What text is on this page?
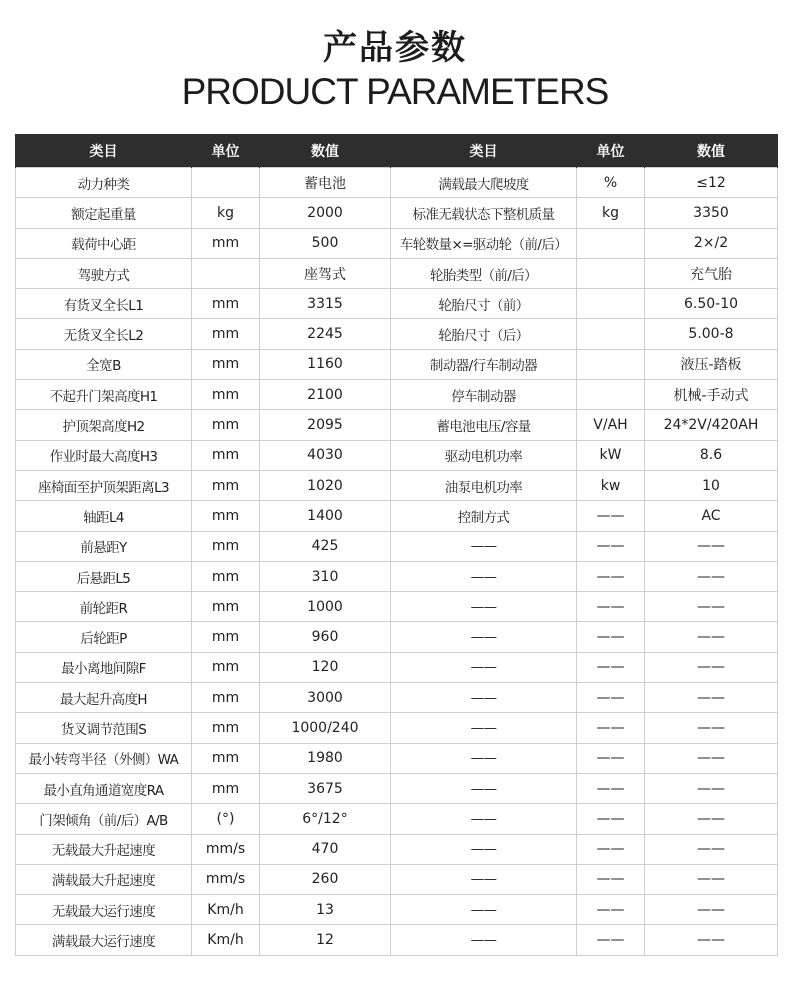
产品参数
PRODUCT PARAMETERS
类目	单位	数值	类目	单位	数值
动力种类		蓄电池	满载最大爬坡度	%	≤12
额定起重量	kg	2000	标准无载状态下整机质量	kg	3350
载荷中心距	mm	500	车轮数量×=驱动轮（前/后）		2×/2
驾驶方式		座驾式	轮胎类型（前/后）		充气胎
有货叉全长L1	mm	3315	轮胎尺寸（前）		6.50-10
无货叉全长L2	mm	2245	轮胎尺寸（后）		5.00-8
全宽B	mm	1160	制动器/行车制动器		液压-踏板
不起升门架高度H1	mm	2100	停车制动器		机械-手动式
护顶架高度H2	mm	2095	蓄电池电压/容量	V/AH	24*2V/420AH
作业时最大高度H3	mm	4030	驱动电机功率	kW	8.6
座椅面至护顶架距离L3	mm	1020	油泵电机功率	kw	10
轴距L4	mm	1400	控制方式	——	AC
前悬距Y	mm	425	——	——	——
后悬距L5	mm	310	——	——	——
前轮距R	mm	1000	——	——	——
后轮距P	mm	960	——	——	——
最小离地间隙F	mm	120	——	——	——
最大起升高度H	mm	3000	——	——	——
货叉调节范围S	mm	1000/240	——	——	——
最小转弯半径（外侧）WA	mm	1980	——	——	——
最小直角通道宽度RA	mm	3675	——	——	——
门架倾角（前/后）A/B	(°)	6°/12°	——	——	——
无载最大升起速度	mm/s	470	——	——	——
满载最大升起速度	mm/s	260	——	——	——
无载最大运行速度	Km/h	13	——	——	——
满载最大运行速度	Km/h	12	——	——	——
